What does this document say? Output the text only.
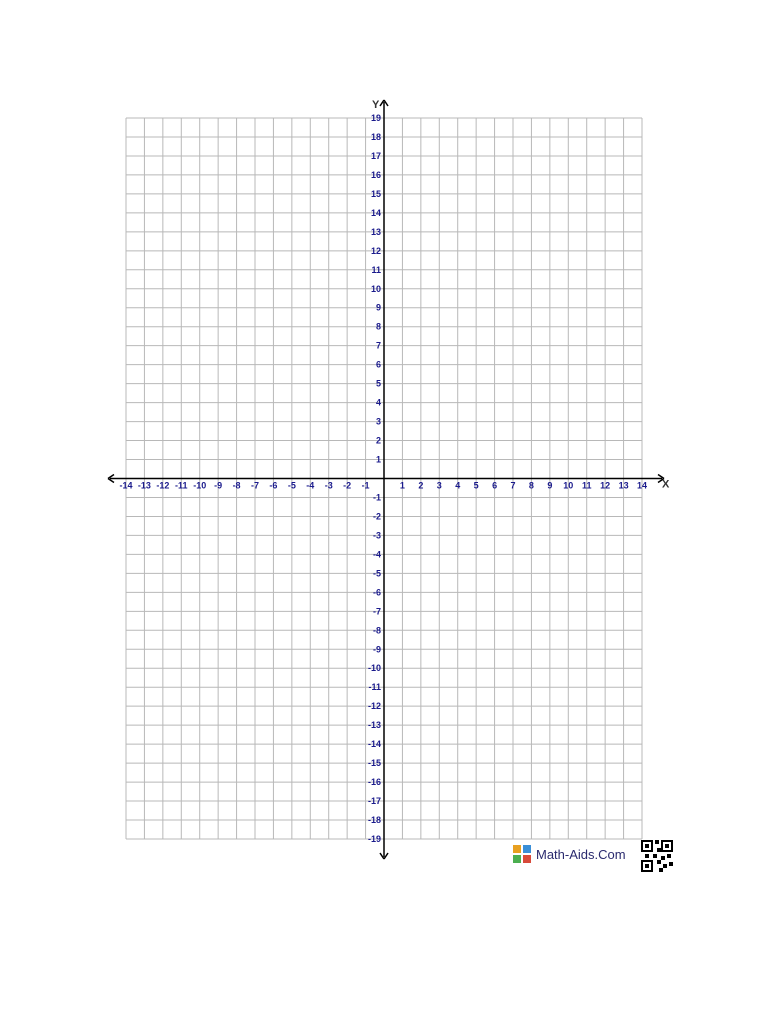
X
Y
-14 -13 -12 -11 -10 -9 -8 -7 -6 -5 -4 -3 -2 -1	1 2 3 4 5 6 7 8 9 10 11 12 13 14
-19
-18
-17
-16
-15
-14
-13
-12
-11
-10
-9
-8
-7
-6
-5
-4
-3
-2
-1
1
2
3
4
5
6
7
8
9
10
11
12
13
14
15
16
17
18
19
Math-Aids.Com
